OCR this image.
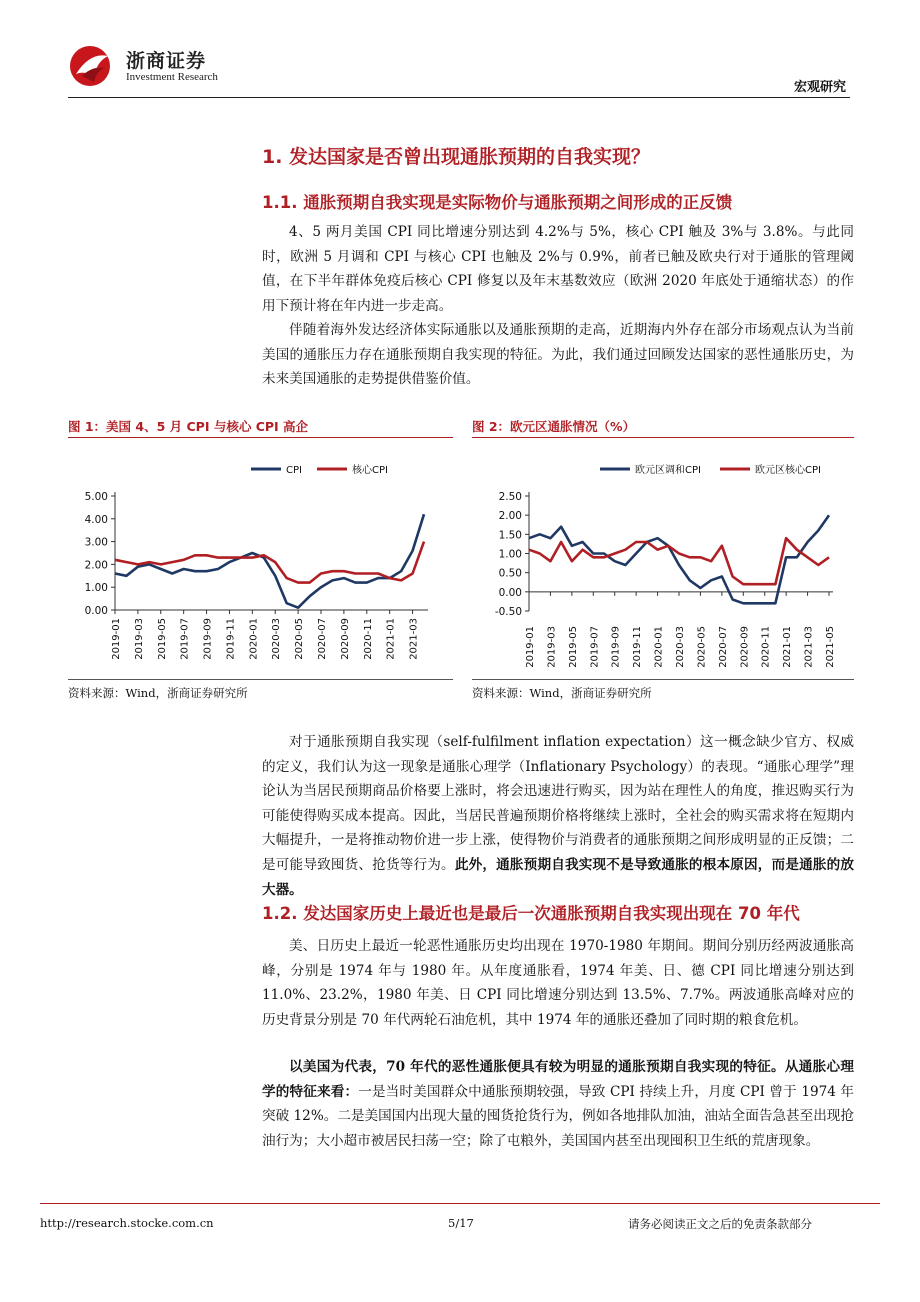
浙商证券
Investment Research
宏观研究
1. 发达国家是否曾出现通胀预期的自我实现？
1.1. 通胀预期自我实现是实际物价与通胀预期之间形成的正反馈
4、5 两月美国 CPI 同比增速分别达到 4.2%与 5%，核心 CPI 触及 3%与 3.8%。与此同时，欧洲 5 月调和 CPI 与核心 CPI 也触及 2%与 0.9%，前者已触及欧央行对于通胀的管理阈值，在下半年群体免疫后核心 CPI 修复以及年末基数效应（欧洲 2020 年底处于通缩状态）的作用下预计将在年内进一步走高。
伴随着海外发达经济体实际通胀以及通胀预期的走高，近期海内外存在部分市场观点认为当前美国的通胀压力存在通胀预期自我实现的特征。为此，我们通过回顾发达国家的恶性通胀历史，为未来美国通胀的走势提供借鉴价值。
图 1：美国 4、5 月 CPI 与核心 CPI 高企
CPI	核心CPI
0.00
1.00
2.00
3.00
4.00
5.00
2019-01 2019-03 2019-05 2019-07 2019-09 2019-11 2020-01 2020-03 2020-05 2020-07 2020-09 2020-11 2021-01 2021-03
资料来源：Wind，浙商证券研究所
图 2：欧元区通胀情况（%）
欧元区调和CPI	欧元区核心CPI
-0.50
0.00
0.50
1.00
1.50
2.00
2.50
2019-01 2019-03 2019-05 2019-07 2019-09 2019-11 2020-01 2020-03 2020-05 2020-07 2020-09 2020-11 2021-01 2021-03 2021-05
资料来源：Wind，浙商证券研究所
对于通胀预期自我实现（self-fulfilment inflation expectation）这一概念缺少官方、权威的定义，我们认为这一现象是通胀心理学（Inflationary Psychology）的表现。“通胀心理学”理论认为当居民预期商品价格要上涨时，将会迅速进行购买，因为站在理性人的角度，推迟购买行为可能使得购买成本提高。因此，当居民普遍预期价格将继续上涨时，全社会的购买需求将在短期内大幅提升，一是将推动物价进一步上涨，使得物价与消费者的通胀预期之间形成明显的正反馈；二是可能导致囤货、抢货等行为。此外，通胀预期自我实现不是导致通胀的根本原因，而是通胀的放大器。
1.2. 发达国家历史上最近也是最后一次通胀预期自我实现出现在 70 年代
美、日历史上最近一轮恶性通胀历史均出现在 1970-1980 年期间。期间分别历经两波通胀高峰，分别是 1974 年与 1980 年。从年度通胀看，1974 年美、日、德 CPI 同比增速分别达到 11.0%、23.2%，1980 年美、日 CPI 同比增速分别达到 13.5%、7.7%。两波通胀高峰对应的历史背景分别是 70 年代两轮石油危机，其中 1974 年的通胀还叠加了同时期的粮食危机。
以美国为代表，70 年代的恶性通胀便具有较为明显的通胀预期自我实现的特征。从通胀心理学的特征来看：一是当时美国群众中通胀预期较强，导致 CPI 持续上升，月度 CPI 曾于 1974 年突破 12%。二是美国国内出现大量的囤货抢货行为，例如各地排队加油，油站全面告急甚至出现抢油行为；大小超市被居民扫荡一空；除了屯粮外，美国国内甚至出现囤积卫生纸的荒唐现象。
http://research.stocke.com.cn	5/17	请务必阅读正文之后的免责条款部分
